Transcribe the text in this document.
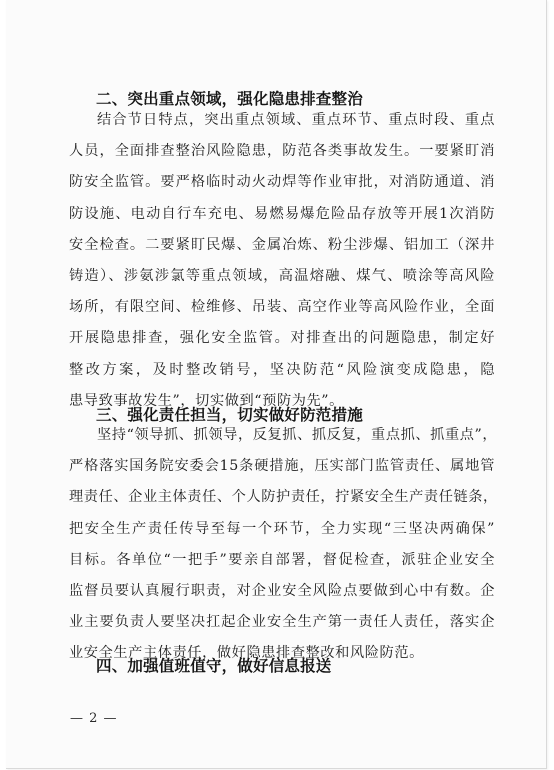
二、突出重点领域，强化隐患排查整治
结合节日特点，突出重点领域、重点环节、重点时段、重点
人员，全面排查整治风险隐患，防范各类事故发生。一要紧盯消
防安全监管。要严格临时动火动焊等作业审批，对消防通道、消
防设施、电动自行车充电、易燃易爆危险品存放等开展1次消防
安全检查。二要紧盯民爆、金属冶炼、粉尘涉爆、铝加工（深井
铸造）、涉氨涉氯等重点领域，高温熔融、煤气、喷涂等高风险
场所，有限空间、检维修、吊装、高空作业等高风险作业，全面
开展隐患排查，强化安全监管。对排查出的问题隐患，制定好
整改方案，及时整改销号，坚决防范“风险演变成隐患，隐
患导致事故发生”，切实做到“预防为先”。
三、强化责任担当，切实做好防范措施
坚持“领导抓、抓领导，反复抓、抓反复，重点抓、抓重点”，
严格落实国务院安委会15条硬措施，压实部门监管责任、属地管
理责任、企业主体责任、个人防护责任，拧紧安全生产责任链条，
把安全生产责任传导至每一个环节，全力实现“三坚决两确保”
目标。各单位“一把手”要亲自部署，督促检查，派驻企业安全
监督员要认真履行职责，对企业安全风险点要做到心中有数。企
业主要负责人要坚决扛起企业安全生产第一责任人责任，落实企
业安全生产主体责任，做好隐患排查整改和风险防范。
四、加强值班值守，做好信息报送
— 2 —
